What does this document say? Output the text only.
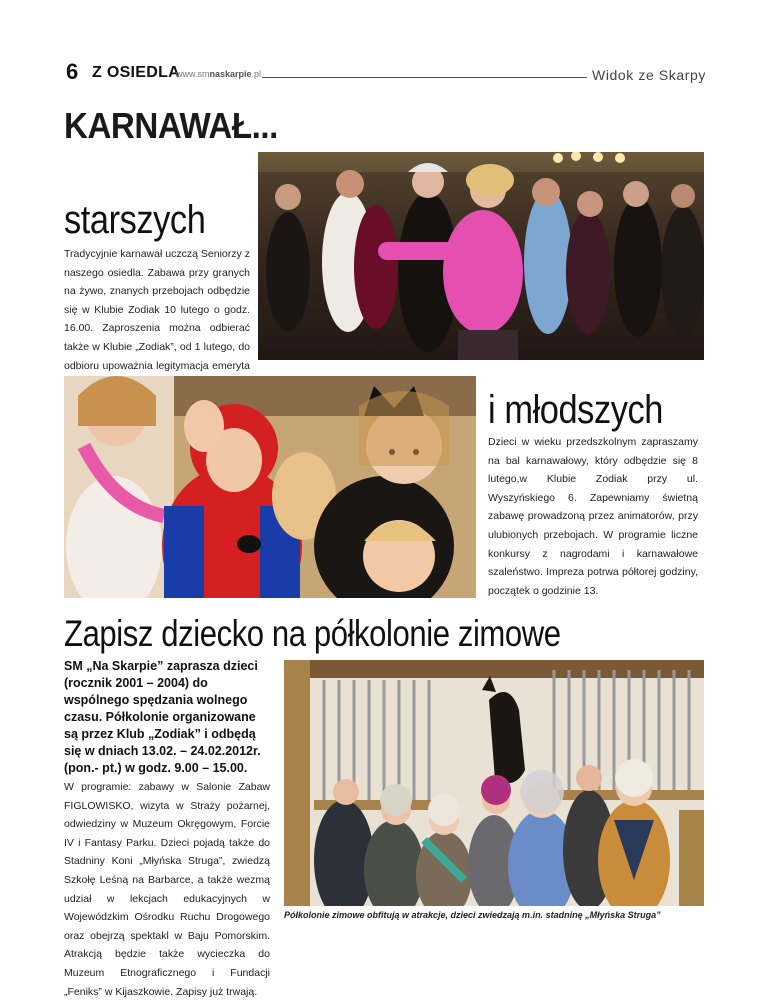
6 Z OSIEDLA
www.smnaskarpie.pl	Widok ze Skarpy
KARNAWAŁ...
starszych
Tradycyjnie karnawał uczczą Seniorzy z naszego osiedla. Zabawa przy granych na żywo, znanych przebojach odbędzie się w Klubie Zodiak 10 lutego o godz. 16.00. Zaproszenia można odbierać także w Klubie „Zodiak”, od 1 lutego, do odbioru upoważnia legitymacja emeryta
i młodszych
Dzieci w wieku przedszkolnym zapraszamy na bal karnawałowy, który odbędzie się 8 lutego,w Klubie Zodiak przy ul. Wyszyńskiego 6. Zapewniamy świetną zabawę prowadzoną przez animatorów, przy ulubionych przebojach. W programie liczne konkursy z nagrodami i karnawałowe szaleństwo. Impreza potrwa półtorej godziny, początek o godzinie 13.
Zapisz dziecko na półkolonie zimowe
SM „Na Skarpie” zaprasza dzieci (rocznik 2001 – 2004) do wspólnego spędzania wolnego czasu. Półkolonie organizowane są przez Klub „Zodiak” i odbędą się w dniach 13.02. – 24.02.2012r. (pon.- pt.) w godz. 9.00 – 15.00.
W programie: zabawy w Salonie Zabaw FIGLOWISKO, wizyta w Straży pożarnej, odwiedziny w Muzeum Okręgowym, Forcie IV i Fantasy Parku. Dzieci pojadą także do Stadniny Koni „Młyńska Struga”, zwiedzą Szkołę Leśną na Barbarce, a także wezmą udział w lekcjach edukacyjnych w Wojewódzkim Ośrodku Ruchu Drogowego oraz obejrzą spektakl w Baju Pomorskim. Atrakcją będzie także wycieczka do Muzeum Etnograficznego i Fundacji „Feniks” w Kijaszkowie. Zapisy już trwają.
Półkolonie zimowe obfitują w atrakcje, dzieci zwiedzają m.in. stadninę „Młyńska Struga”
